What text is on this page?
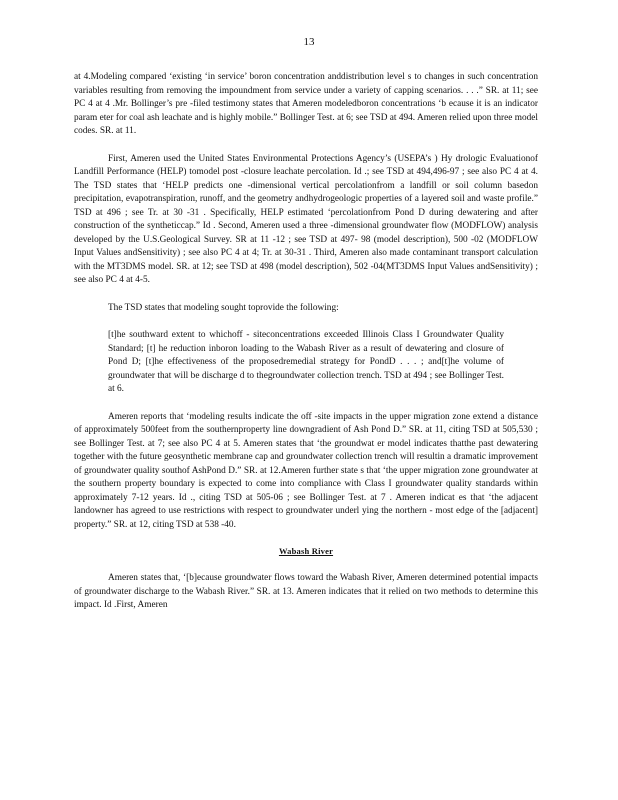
13

at 4.Modeling compared ‘existing ‘in service’ boron concentration anddistribution level s to changes in such concentration variables resulting from removing the impoundment from service under a variety of capping scenarios. . . .” SR. at 11; see PC 4 at 4 .Mr. Bollinger’s pre -filed testimony states that Ameren modeledboron concentrations ‘b ecause it is an indicator param eter for coal ash leachate and is highly mobile.” Bollinger Test. at 6; see TSD at 494. Ameren relied upon three model codes. SR. at 11.

First, Ameren used the United States Environmental Protections Agency’s (USEPA’s ) Hy drologic Evaluationof Landfill Performance (HELP) tomodel post -closure leachate percolation. Id .; see TSD at 494,496-97 ; see also PC 4 at 4. The TSD states that ‘HELP predicts one -dimensional vertical percolationfrom a landfill or soil column basedon precipitation, evapotranspiration, runoff, and the geometry andhydrogeologic properties of a layered soil and waste profile.” TSD at 496 ; see Tr. at 30 -31 . Specifically, HELP estimated ‘percolationfrom Pond D during dewatering and after construction of the syntheticcap.” Id . Second, Ameren used a three -dimensional groundwater flow (MODFLOW) analysis developed by the U.S.Geological Survey. SR at 11 -12 ; see TSD at 497- 98 (model description), 500 -02 (MODFLOW Input Values andSensitivity) ; see also PC 4 at 4; Tr. at 30-31 . Third, Ameren also made contaminant transport calculation with the MT3DMS model. SR. at 12; see TSD at 498 (model description), 502 -04(MT3DMS Input Values andSensitivity) ; see also PC 4 at 4-5.

The TSD states that modeling sought toprovide the following:

[t]he southward extent to whichoff - siteconcentrations exceeded Illinois Class I Groundwater Quality Standard; [t] he reduction inboron loading to the Wabash River as a result of dewatering and closure of Pond D; [t]he effectiveness of the proposedremedial strategy for PondD . . . ; and[t]he volume of groundwater that will be discharge d to thegroundwater collection trench. TSD at 494 ; see Bollinger Test. at 6.

Ameren reports that ‘modeling results indicate the off -site impacts in the upper migration zone extend a distance of approximately 500feet from the southernproperty line downgradient of Ash Pond D.” SR. at 11, citing TSD at 505,530 ; see Bollinger Test. at 7; see also PC 4 at 5. Ameren states that ‘the groundwat er model indicates thatthe past dewatering together with the future geosynthetic membrane cap and groundwater collection trench will resultin a dramatic improvement of groundwater quality southof AshPond D.” SR. at 12.Ameren further state s that ‘the upper migration zone groundwater at the southern property boundary is expected to come into compliance with Class I groundwater quality standards within approximately 7-12 years. Id ., citing TSD at 505-06 ; see Bollinger Test. at 7 . Ameren indicat es that ‘the adjacent landowner has agreed to use restrictions with respect to groundwater underl ying the northern - most edge of the [adjacent] property.” SR. at 12, citing TSD at 538 -40.

Wabash River

Ameren states that, ‘[b]ecause groundwater flows toward the Wabash River, Ameren determined potential impacts of groundwater discharge to the Wabash River.” SR. at 13. Ameren indicates that it relied on two methods to determine this impact. Id .First, Ameren
